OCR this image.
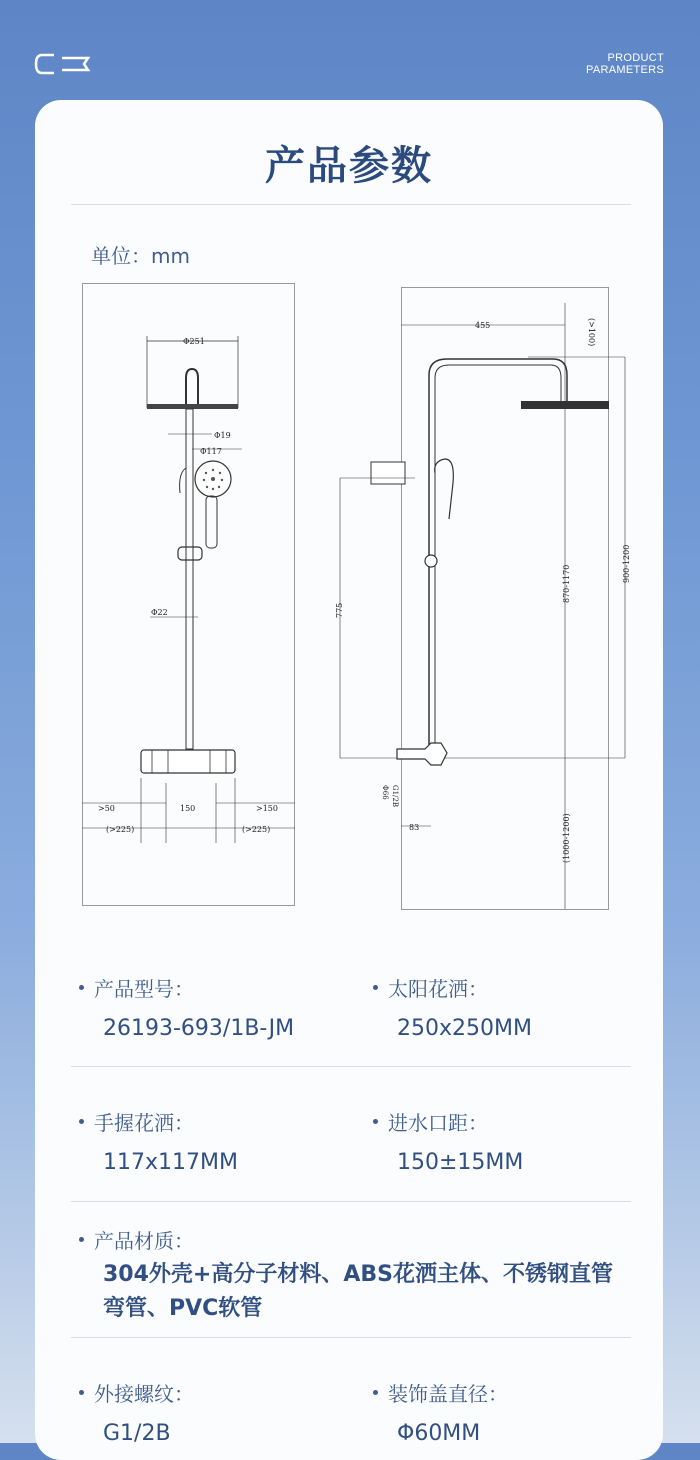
PRODUCT
PARAMETERS
产品参数
单位：mm
Φ251
Φ19
Φ117
Φ22
>50	150	>150
(>225)	(>225)
455	(>100)
775
870-1170
900-1200
Φ66 G1/2B
83	(1000-1200)
产品型号：
26193-693/1B-JM
太阳花洒：
250x250MM
手握花洒：
117x117MM
进水口距：
150±15MM
产品材质：
304外壳+高分子材料、ABS花洒主体、不锈钢直管弯管、PVC软管
外接螺纹：
G1/2B
装饰盖直径：
Φ60MM
